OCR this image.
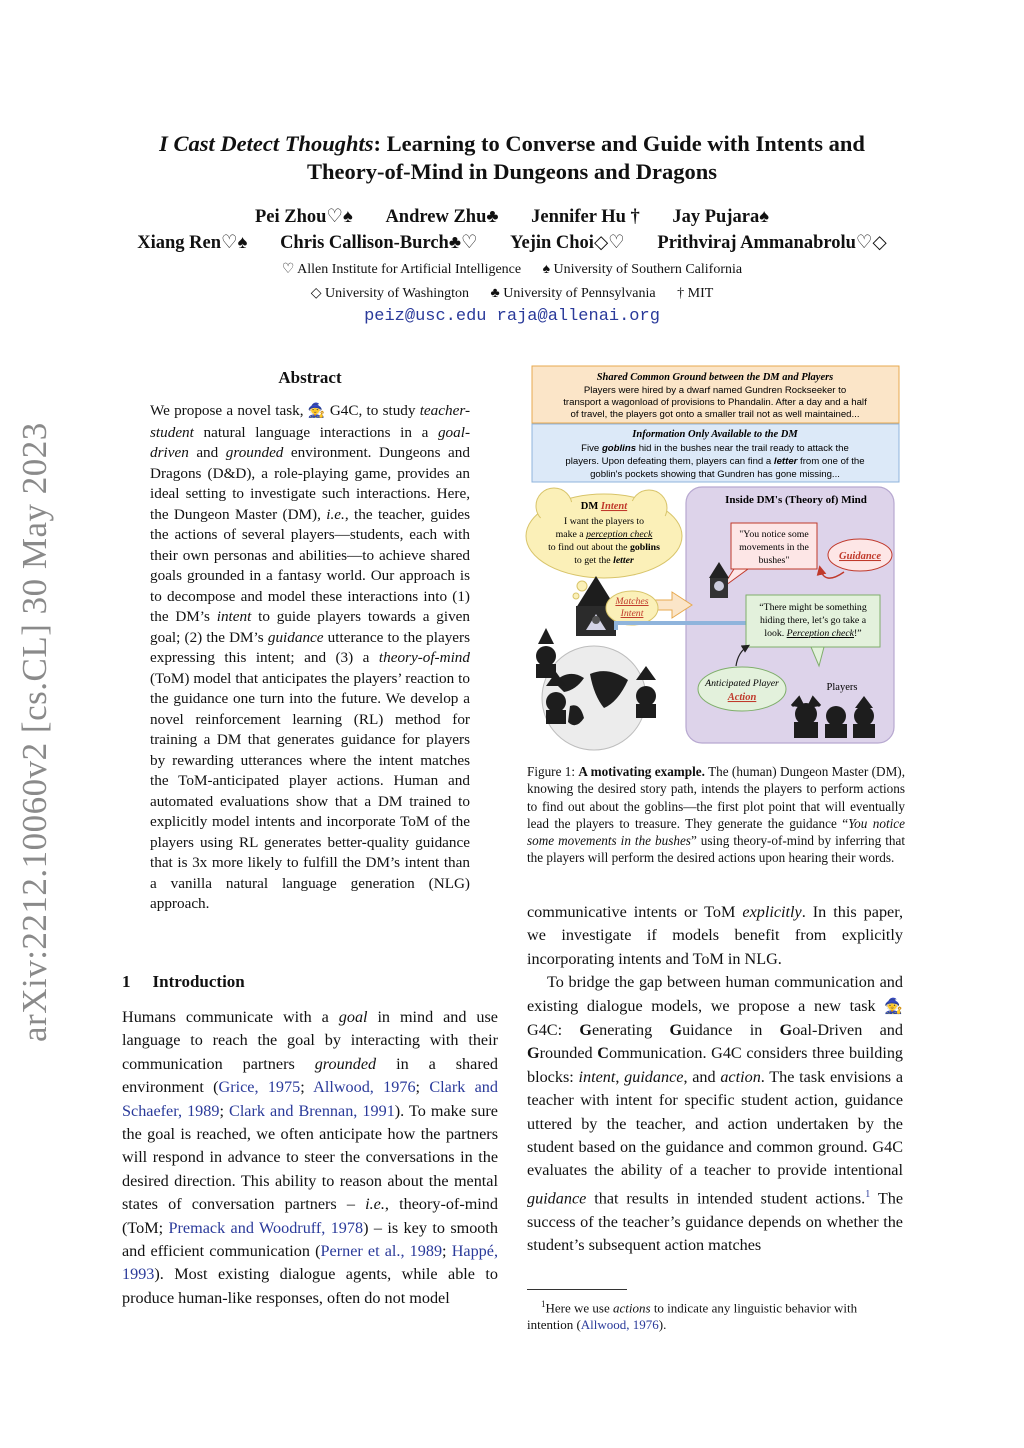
arXiv:2212.10060v2 [cs.CL] 30 May 2023
I Cast Detect Thoughts: Learning to Converse and Guide with Intents and
Theory-of-Mind in Dungeons and Dragons
Pei Zhou♡♠ Andrew Zhu♣ Jennifer Hu † Jay Pujara♠
Xiang Ren♡♠ Chris Callison-Burch♣♡ Yejin Choi◇♡ Prithviraj Ammanabrolu♡◇
♡ Allen Institute for Artificial Intelligence ♠ University of Southern California
◇ University of Washington ♣ University of Pennsylvania † MIT
peiz@usc.edu raja@allenai.org
Abstract
We propose a novel task, 🧙 G4C, to study teacher-student natural language interactions in a goal-driven and grounded environment. Dungeons and Dragons (D&D), a role-playing game, provides an ideal setting to investigate such interactions. Here, the Dungeon Master (DM), i.e., the teacher, guides the actions of several players—students, each with their own personas and abilities—to achieve shared goals grounded in a fantasy world. Our approach is to decompose and model these interactions into (1) the DM’s intent to guide players towards a given goal; (2) the DM’s guidance utterance to the players expressing this intent; and (3) a theory-of-mind (ToM) model that anticipates the players’ reaction to the guidance one turn into the future. We develop a novel reinforcement learning (RL) method for training a DM that generates guidance for players by rewarding utterances where the intent matches the ToM-anticipated player actions. Human and automated evaluations show that a DM trained to explicitly model intents and incorporate ToM of the players using RL generates better-quality guidance that is 3x more likely to fulfill the DM’s intent than a vanilla natural language generation (NLG) approach.
1 Introduction
Humans communicate with a goal in mind and use language to reach the goal by interacting with their communication partners grounded in a shared environment (Grice, 1975; Allwood, 1976; Clark and Schaefer, 1989; Clark and Brennan, 1991). To make sure the goal is reached, we often anticipate how the partners will respond in advance to steer the conversations in the desired direction. This ability to reason about the mental states of conversation partners – i.e., theory-of-mind (ToM; Premack and Woodruff, 1978) – is key to smooth and efficient communication (Perner et al., 1989; Happé, 1993). Most existing dialogue agents, while able to produce human-like responses, often do not model
Shared Common Ground between the DM and Players
Players were hired by a dwarf named Gundren Rockseeker to
transport a wagonload of provisions to Phandalin. After a day and a half
of travel, the players got onto a smaller trail not as well maintained...
Information Only Available to the DM
Five goblins hid in the bushes near the trail ready to attack the
players. Upon defeating them, players can find a letter from one of the
goblin's pockets showing that Gundren has gone missing...
Inside DM's (Theory of) Mind
DM Intent
I want the players to
make a perception check
to find out about the goblins
to get the letter
"You notice some
movements in the
bushes"	Guidance
Matches
Intent
“There might be something
hiding there, let’s go take a
look. Perception check!”
Anticipated Player
Action
Players
Figure 1: A motivating example. The (human) Dungeon Master (DM), knowing the desired story path, intends the players to perform actions to find out about the goblins—the first plot point that will eventually lead the players to treasure. They generate the guidance “You notice some movements in the bushes” using theory-of-mind by inferring that the players will perform the desired actions upon hearing their words.
communicative intents or ToM explicitly. In this paper, we investigate if models benefit from explicitly incorporating intents and ToM in NLG.
To bridge the gap between human communication and existing dialogue models, we propose a new task 🧙 G4C: Generating Guidance in Goal-Driven and Grounded Communication. G4C considers three building blocks: intent, guidance, and action. The task envisions a teacher with intent for specific student action, guidance uttered by the teacher, and action undertaken by the student based on the guidance and common ground. G4C evaluates the ability of a teacher to provide intentional guidance that results in intended student actions.$^1$ The success of the teacher’s guidance depends on whether the student’s subsequent action matches
$^1$Here we use actions to indicate any linguistic behavior with intention (Allwood, 1976).
